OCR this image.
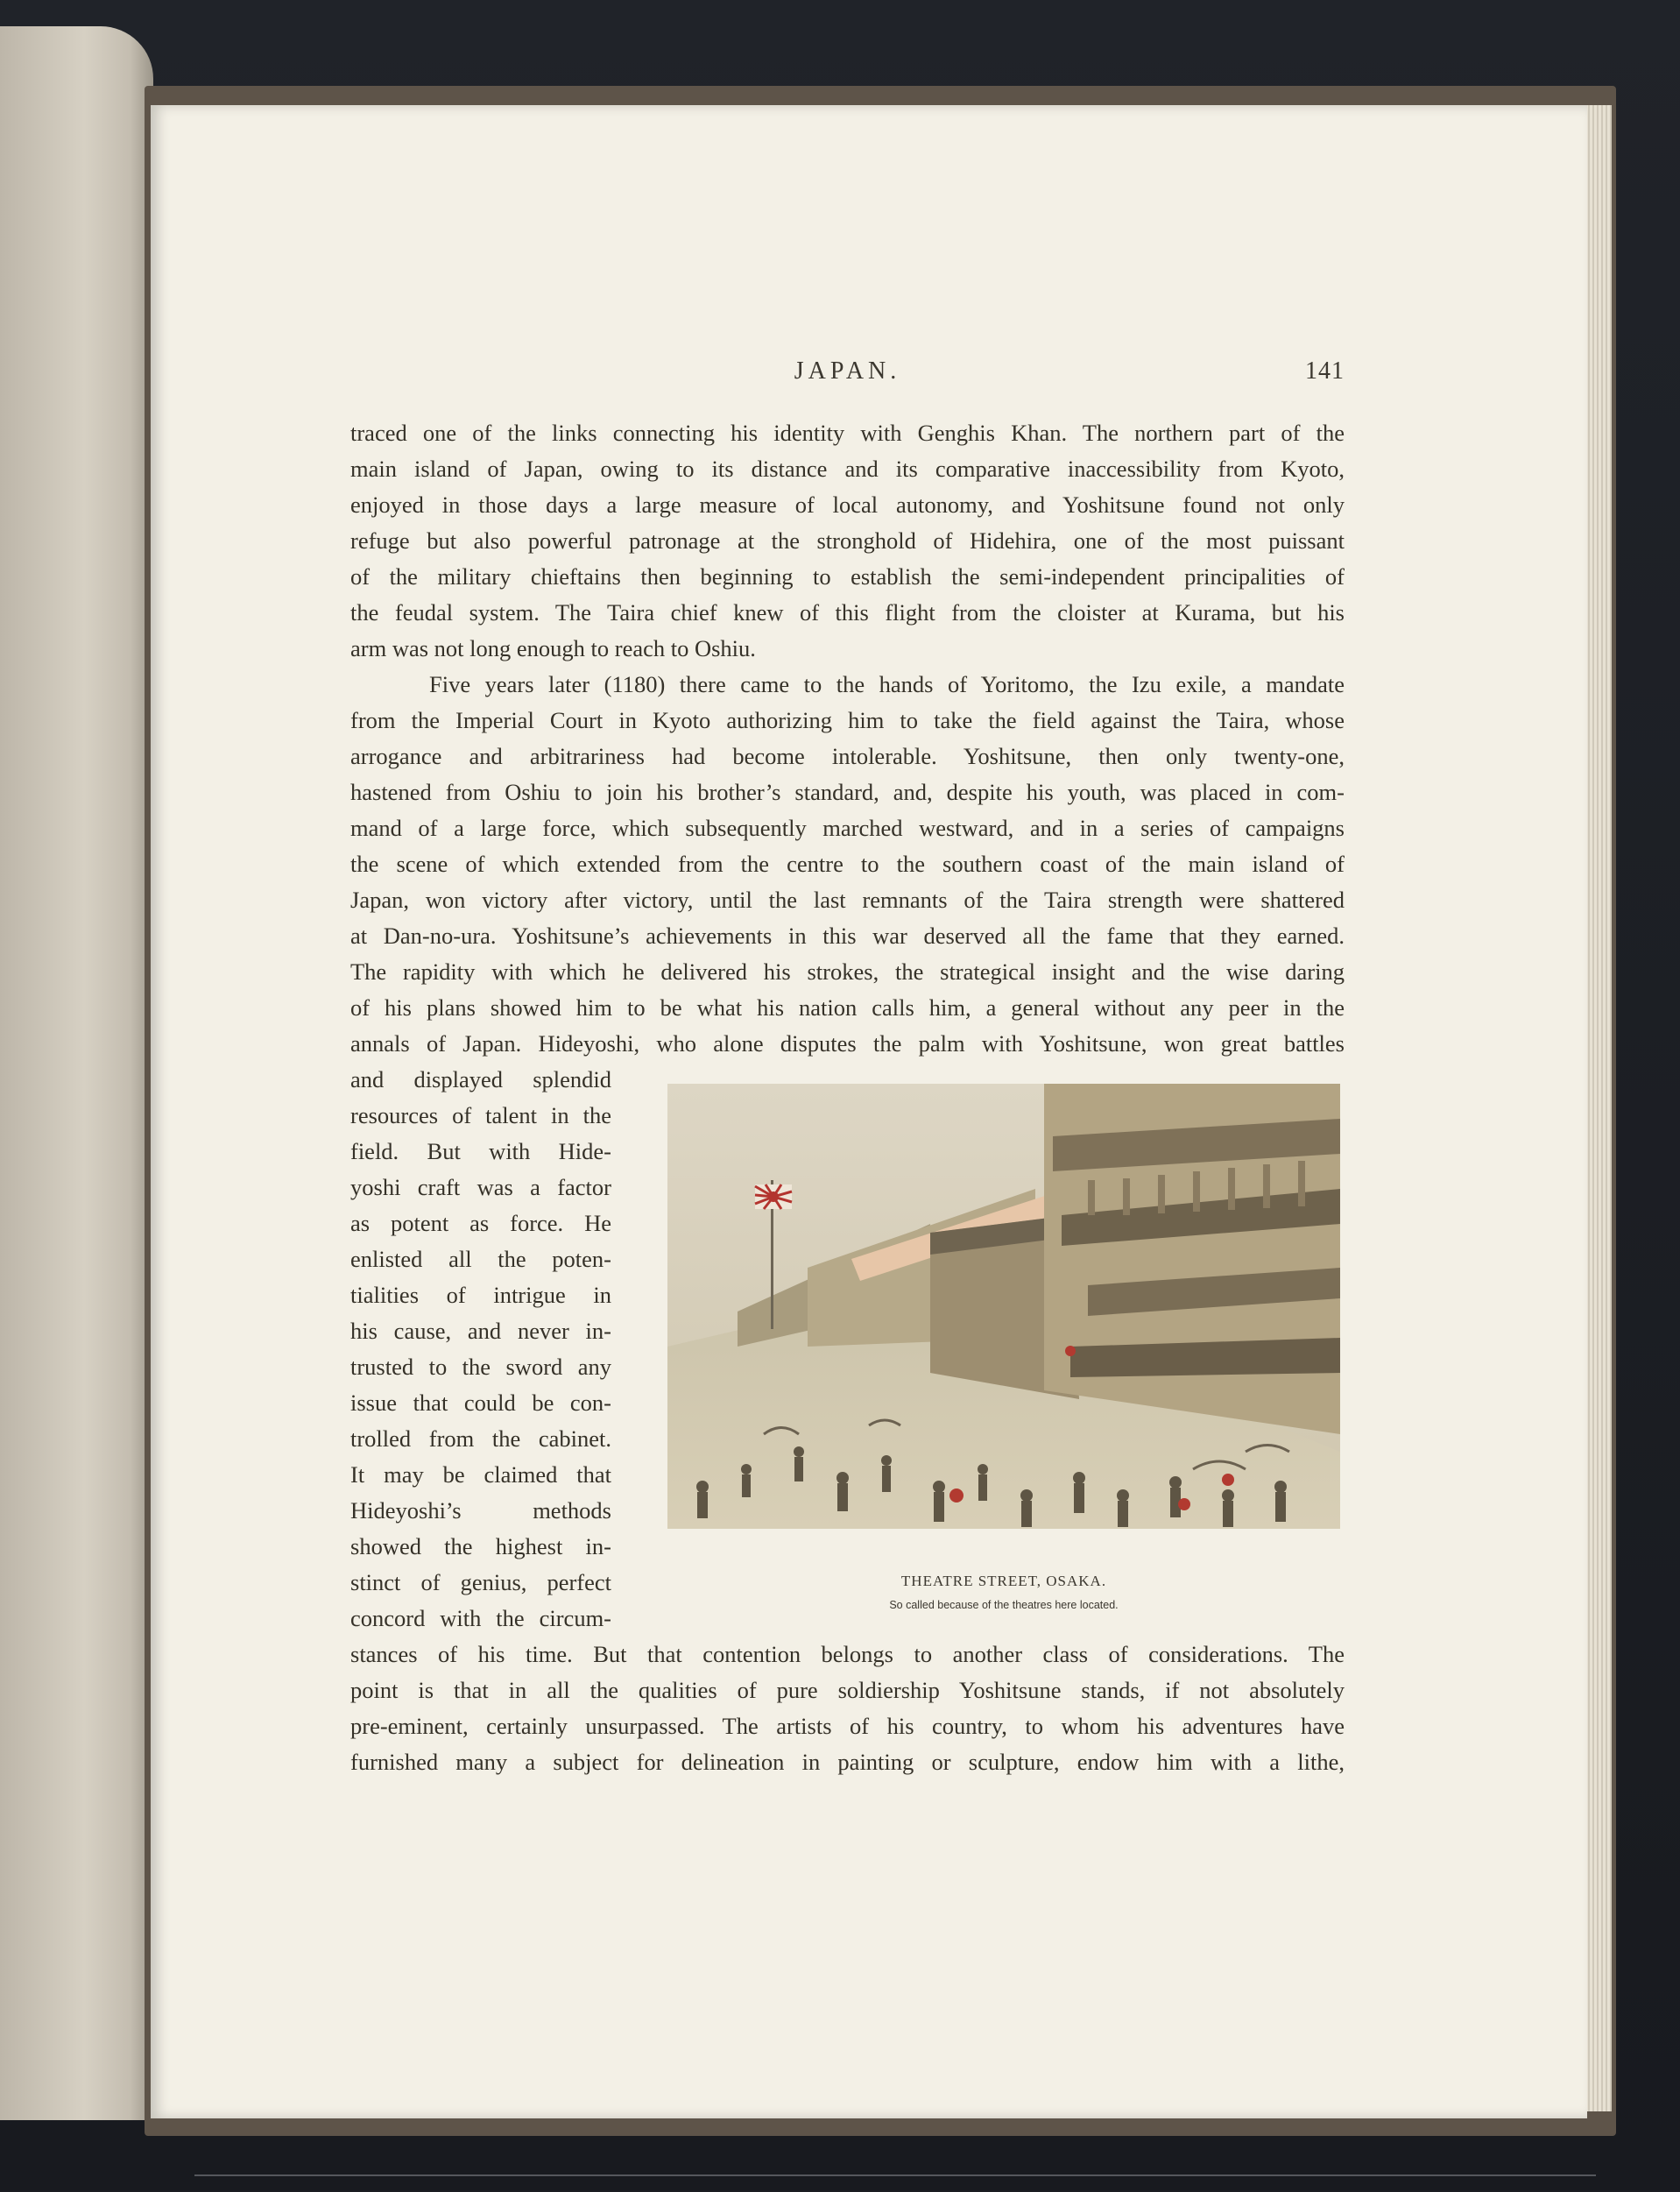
JAPAN.	141
traced one of the links connecting his identity with Genghis Khan. The northern part of the
main island of Japan, owing to its distance and its comparative inaccessibility from Kyoto,
enjoyed in those days a large measure of local autonomy, and Yoshitsune found not only
refuge but also powerful patronage at the stronghold of Hidehira, one of the most puissant
of the military chieftains then beginning to establish the semi-independent principalities of
the feudal system. The Taira chief knew of this flight from the cloister at Kurama, but his
arm was not long enough to reach to Oshiu.
Five years later (1180) there came to the hands of Yoritomo, the Izu exile, a mandate
from the Imperial Court in Kyoto authorizing him to take the field against the Taira, whose
arrogance and arbitrariness had become intolerable. Yoshitsune, then only twenty-one,
hastened from Oshiu to join his brother’s standard, and, despite his youth, was placed in com-
mand of a large force, which subsequently marched westward, and in a series of campaigns
the scene of which extended from the centre to the southern coast of the main island of
Japan, won victory after victory, until the last remnants of the Taira strength were shattered
at Dan-no-ura. Yoshitsune’s achievements in this war deserved all the fame that they earned.
The rapidity with which he delivered his strokes, the strategical insight and the wise daring
of his plans showed him to be what his nation calls him, a general without any peer in the
annals of Japan. Hideyoshi, who alone disputes the palm with Yoshitsune, won great battles
and displayed splendid
resources of talent in the
field. But with Hide-
yoshi craft was a factor
as potent as force. He
enlisted all the poten-
tialities of intrigue in
his cause, and never in-
trusted to the sword any
issue that could be con-
trolled from the cabinet.
It may be claimed that
Hideyoshi’s methods
showed the highest in-
stinct of genius, perfect
concord with the circum-
stances of his time. But that contention belongs to another class of considerations. The
point is that in all the qualities of pure soldiership Yoshitsune stands, if not absolutely
pre-eminent, certainly unsurpassed. The artists of his country, to whom his adventures have
furnished many a subject for delineation in painting or sculpture, endow him with a lithe,
THEATRE STREET, OSAKA.
So called because of the theatres here located.
